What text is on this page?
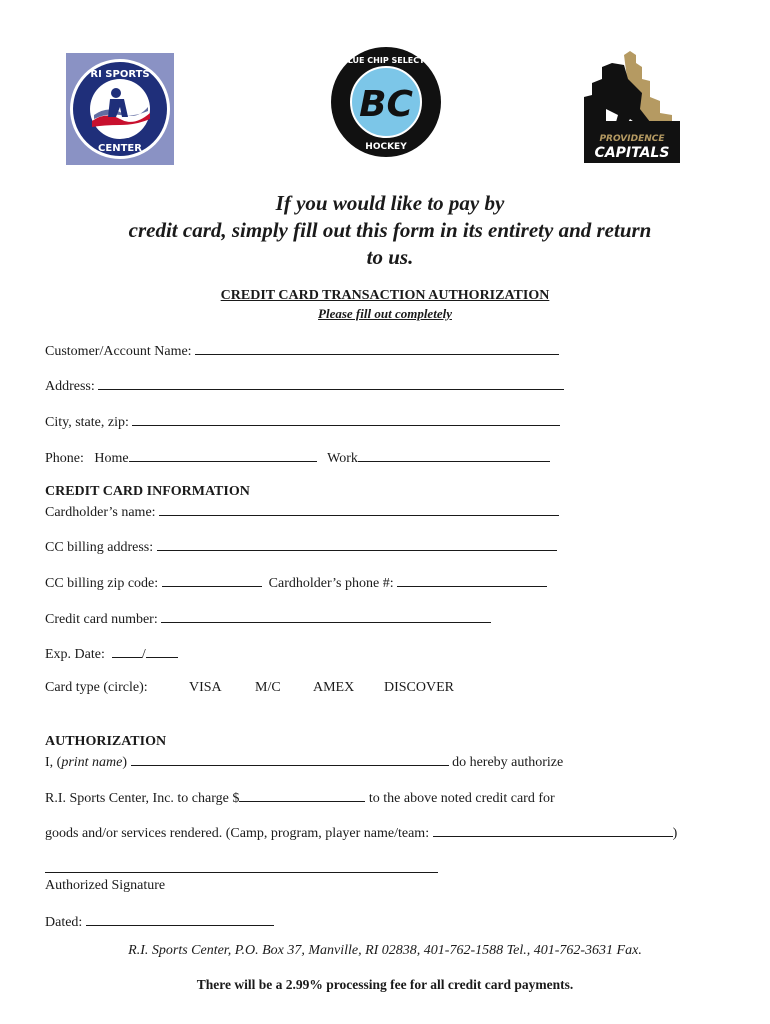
RI SPORTS
CENTER
BC
BLUE CHIP SELECTS
HOCKEY
PROVIDENCE
CAPITALS
If you would like to pay by
credit card, simply fill out this form in its entirety and return
to us.
CREDIT CARD TRANSACTION AUTHORIZATION
Please fill out completely
Customer/Account Name:
Address:
City, state, zip:
Phone: Home	Work
CREDIT CARD INFORMATION
Cardholder’s name:
CC billing address:
CC billing zip code:	Cardholder’s phone #:
Credit card number:
Exp. Date:	/
Card type (circle):	VISA M/C AMEX DISCOVER
AUTHORIZATION
I, (print name)	do hereby authorize
R.I. Sports Center, Inc. to charge $	to the above noted credit card for
goods and/or services rendered. (Camp, program, player name/team:	)
Authorized Signature
Dated:
R.I. Sports Center, P.O. Box 37, Manville, RI 02838, 401-762-1588 Tel., 401-762-3631 Fax.
There will be a 2.99% processing fee for all credit card payments.
